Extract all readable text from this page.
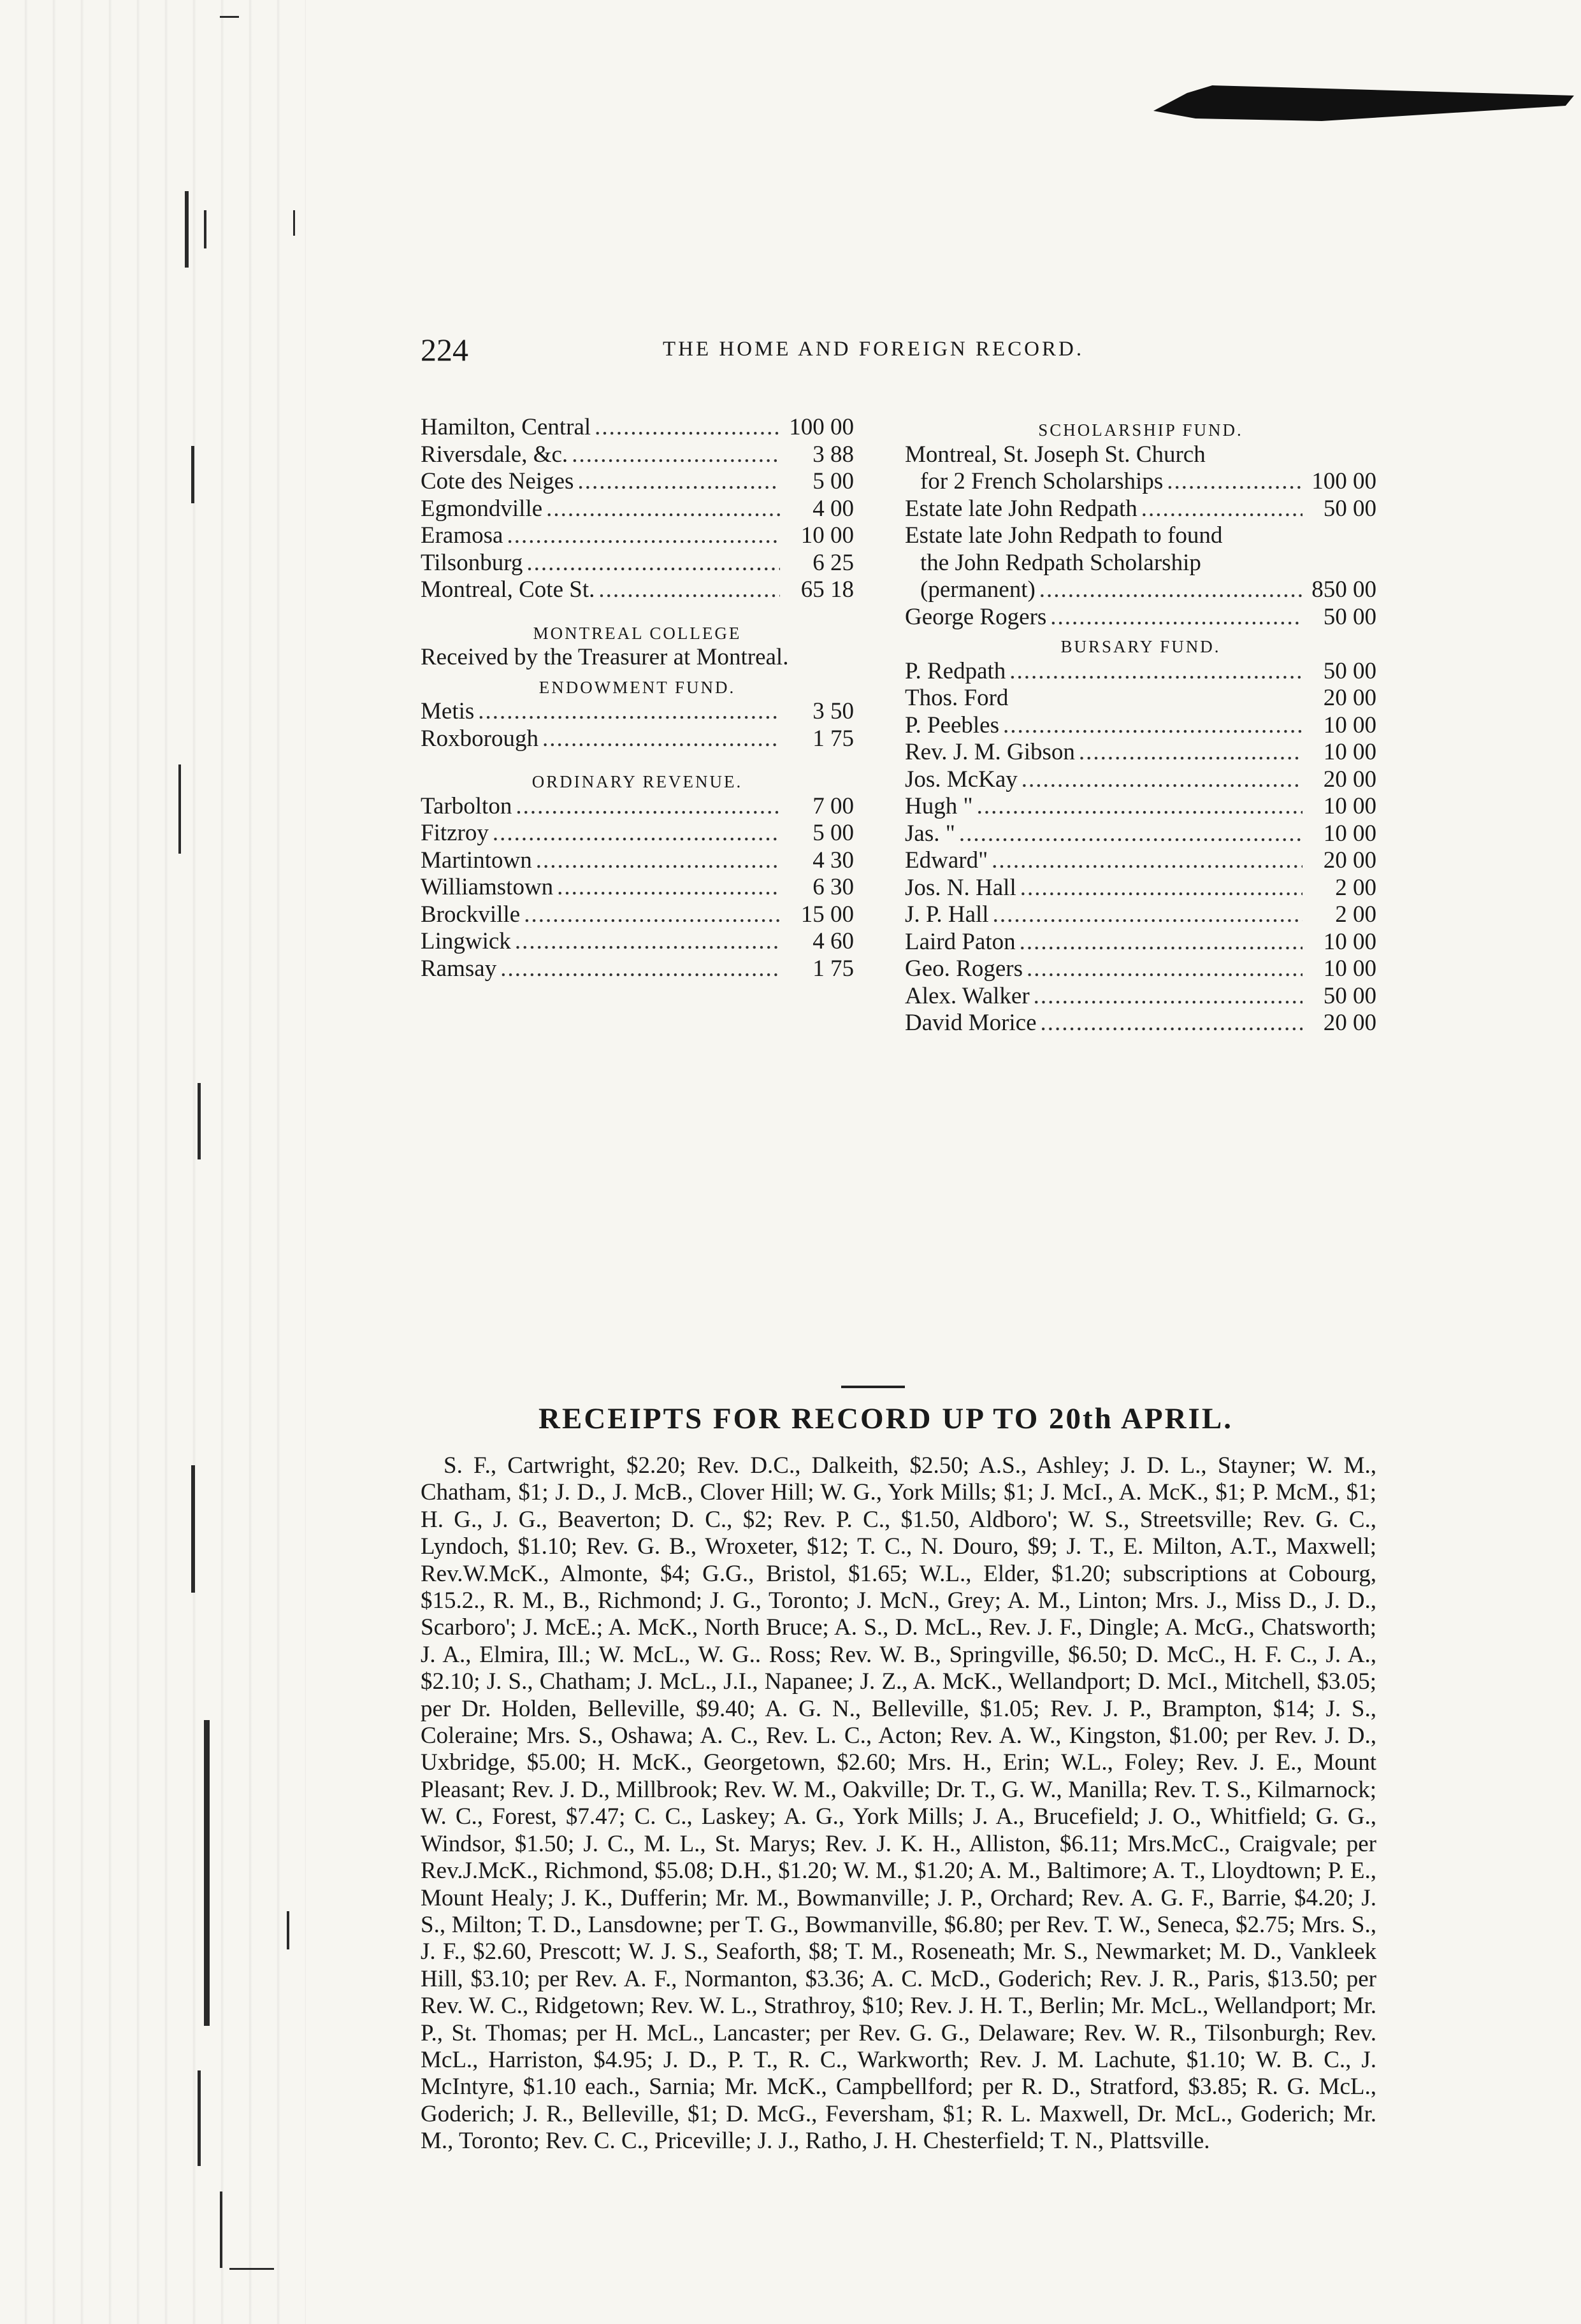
224	THE HOME AND FOREIGN RECORD.
Hamilton, Central .....	100 00
Riversdale, &c. .....	3 88
Cote des Neiges .....	5 00
Egmondville .....	4 00
Eramosa .....	10 00
Tilsonburg .....	6 25
Montreal, Cote St. .....	65 18
MONTREAL COLLEGE
Received by the Treasurer at Montreal.
ENDOWMENT FUND.
Metis .....	3 50
Roxborough .....	1 75
ORDINARY REVENUE.
Tarbolton .....	7 00
Fitzroy .....	5 00
Martintown .....	4 30
Williamstown .....	6 30
Brockville .....	15 00
Lingwick .....	4 60
Ramsay .....	1 75
SCHOLARSHIP FUND.
Montreal, St. Joseph St. Church
for 2 French Scholarships .....	100 00
Estate late John Redpath .....	50 00
Estate late John Redpath to found
the John Redpath Scholarship
(permanent) .....	850 00
George Rogers .....	50 00
BURSARY FUND.
P. Redpath .....	50 00
Thos. Ford	20 00
P. Peebles .....	10 00
Rev. J. M. Gibson .....	10 00
Jos. McKay .....	20 00
Hugh " .....	10 00
Jas. " .....	10 00
Edward" .....	20 00
Jos. N. Hall .....	2 00
J. P. Hall .....	2 00
Laird Paton .....	10 00
Geo. Rogers .....	10 00
Alex. Walker .....	50 00
David Morice .....	20 00
RECEIPTS FOR RECORD UP TO 20th APRIL.
S. F., Cartwright, $2.20; Rev. D.C., Dalkeith, $2.50; A.S., Ashley; J. D. L., Stayner; W. M., Chatham, $1; J. D., J. McB., Clover Hill; W. G., York Mills; $1; J. McI., A. McK., $1; P. McM., $1; H. G., J. G., Beaverton; D. C., $2; Rev. P. C., $1.50, Aldboro'; W. S., Streetsville; Rev. G. C., Lyndoch, $1.10; Rev. G. B., Wroxeter, $12; T. C., N. Douro, $9; J. T., E. Milton, A.T., Maxwell; Rev.W.McK., Almonte, $4; G.G., Bristol, $1.65; W.L., Elder, $1.20; subscriptions at Cobourg, $15.2., R. M., B., Richmond; J. G., Toronto; J. McN., Grey; A. M., Linton; Mrs. J., Miss D., J. D., Scarboro'; J. McE.; A. McK., North Bruce; A. S., D. McL., Rev. J. F., Dingle; A. McG., Chatsworth; J. A., Elmira, Ill.; W. McL., W. G.. Ross; Rev. W. B., Springville, $6.50; D. McC., H. F. C., J. A., $2.10; J. S., Chatham; J. McL., J.I., Napanee; J. Z., A. McK., Wellandport; D. McI., Mitchell, $3.05; per Dr. Holden, Belleville, $9.40; A. G. N., Belleville, $1.05; Rev. J. P., Brampton, $14; J. S., Coleraine; Mrs. S., Oshawa; A. C., Rev. L. C., Acton; Rev. A. W., Kingston, $1.00; per Rev. J. D., Uxbridge, $5.00; H. McK., Georgetown, $2.60; Mrs. H., Erin; W.L., Foley; Rev. J. E., Mount Pleasant; Rev. J. D., Millbrook; Rev. W. M., Oakville; Dr. T., G. W., Manilla; Rev. T. S., Kilmarnock; W. C., Forest, $7.47; C. C., Laskey; A. G., York Mills; J. A., Brucefield; J. O., Whitfield; G. G., Windsor, $1.50; J. C., M. L., St. Marys; Rev. J. K. H., Alliston, $6.11; Mrs.McC., Craigvale; per Rev.J.McK., Richmond, $5.08; D.H., $1.20; W. M., $1.20; A. M., Baltimore; A. T., Lloydtown; P. E., Mount Healy; J. K., Dufferin; Mr. M., Bowmanville; J. P., Orchard; Rev. A. G. F., Barrie, $4.20; J. S., Milton; T. D., Lansdowne; per T. G., Bowmanville, $6.80; per Rev. T. W., Seneca, $2.75; Mrs. S., J. F., $2.60, Prescott; W. J. S., Seaforth, $8; T. M., Roseneath; Mr. S., Newmarket; M. D., Vankleek Hill, $3.10; per Rev. A. F., Normanton, $3.36; A. C. McD., Goderich; Rev. J. R., Paris, $13.50; per Rev. W. C., Ridgetown; Rev. W. L., Strathroy, $10; Rev. J. H. T., Berlin; Mr. McL., Wellandport; Mr. P., St. Thomas; per H. McL., Lancaster; per Rev. G. G., Delaware; Rev. W. R., Tilsonburgh; Rev. McL., Harriston, $4.95; J. D., P. T., R. C., Warkworth; Rev. J. M. Lachute, $1.10; W. B. C., J. McIntyre, $1.10 each., Sarnia; Mr. McK., Campbellford; per R. D., Stratford, $3.85; R. G. McL., Goderich; J. R., Belleville, $1; D. McG., Feversham, $1; R. L. Maxwell, Dr. McL., Goderich; Mr. M., Toronto; Rev. C. C., Priceville; J. J., Ratho, J. H. Chesterfield; T. N., Plattsville.
